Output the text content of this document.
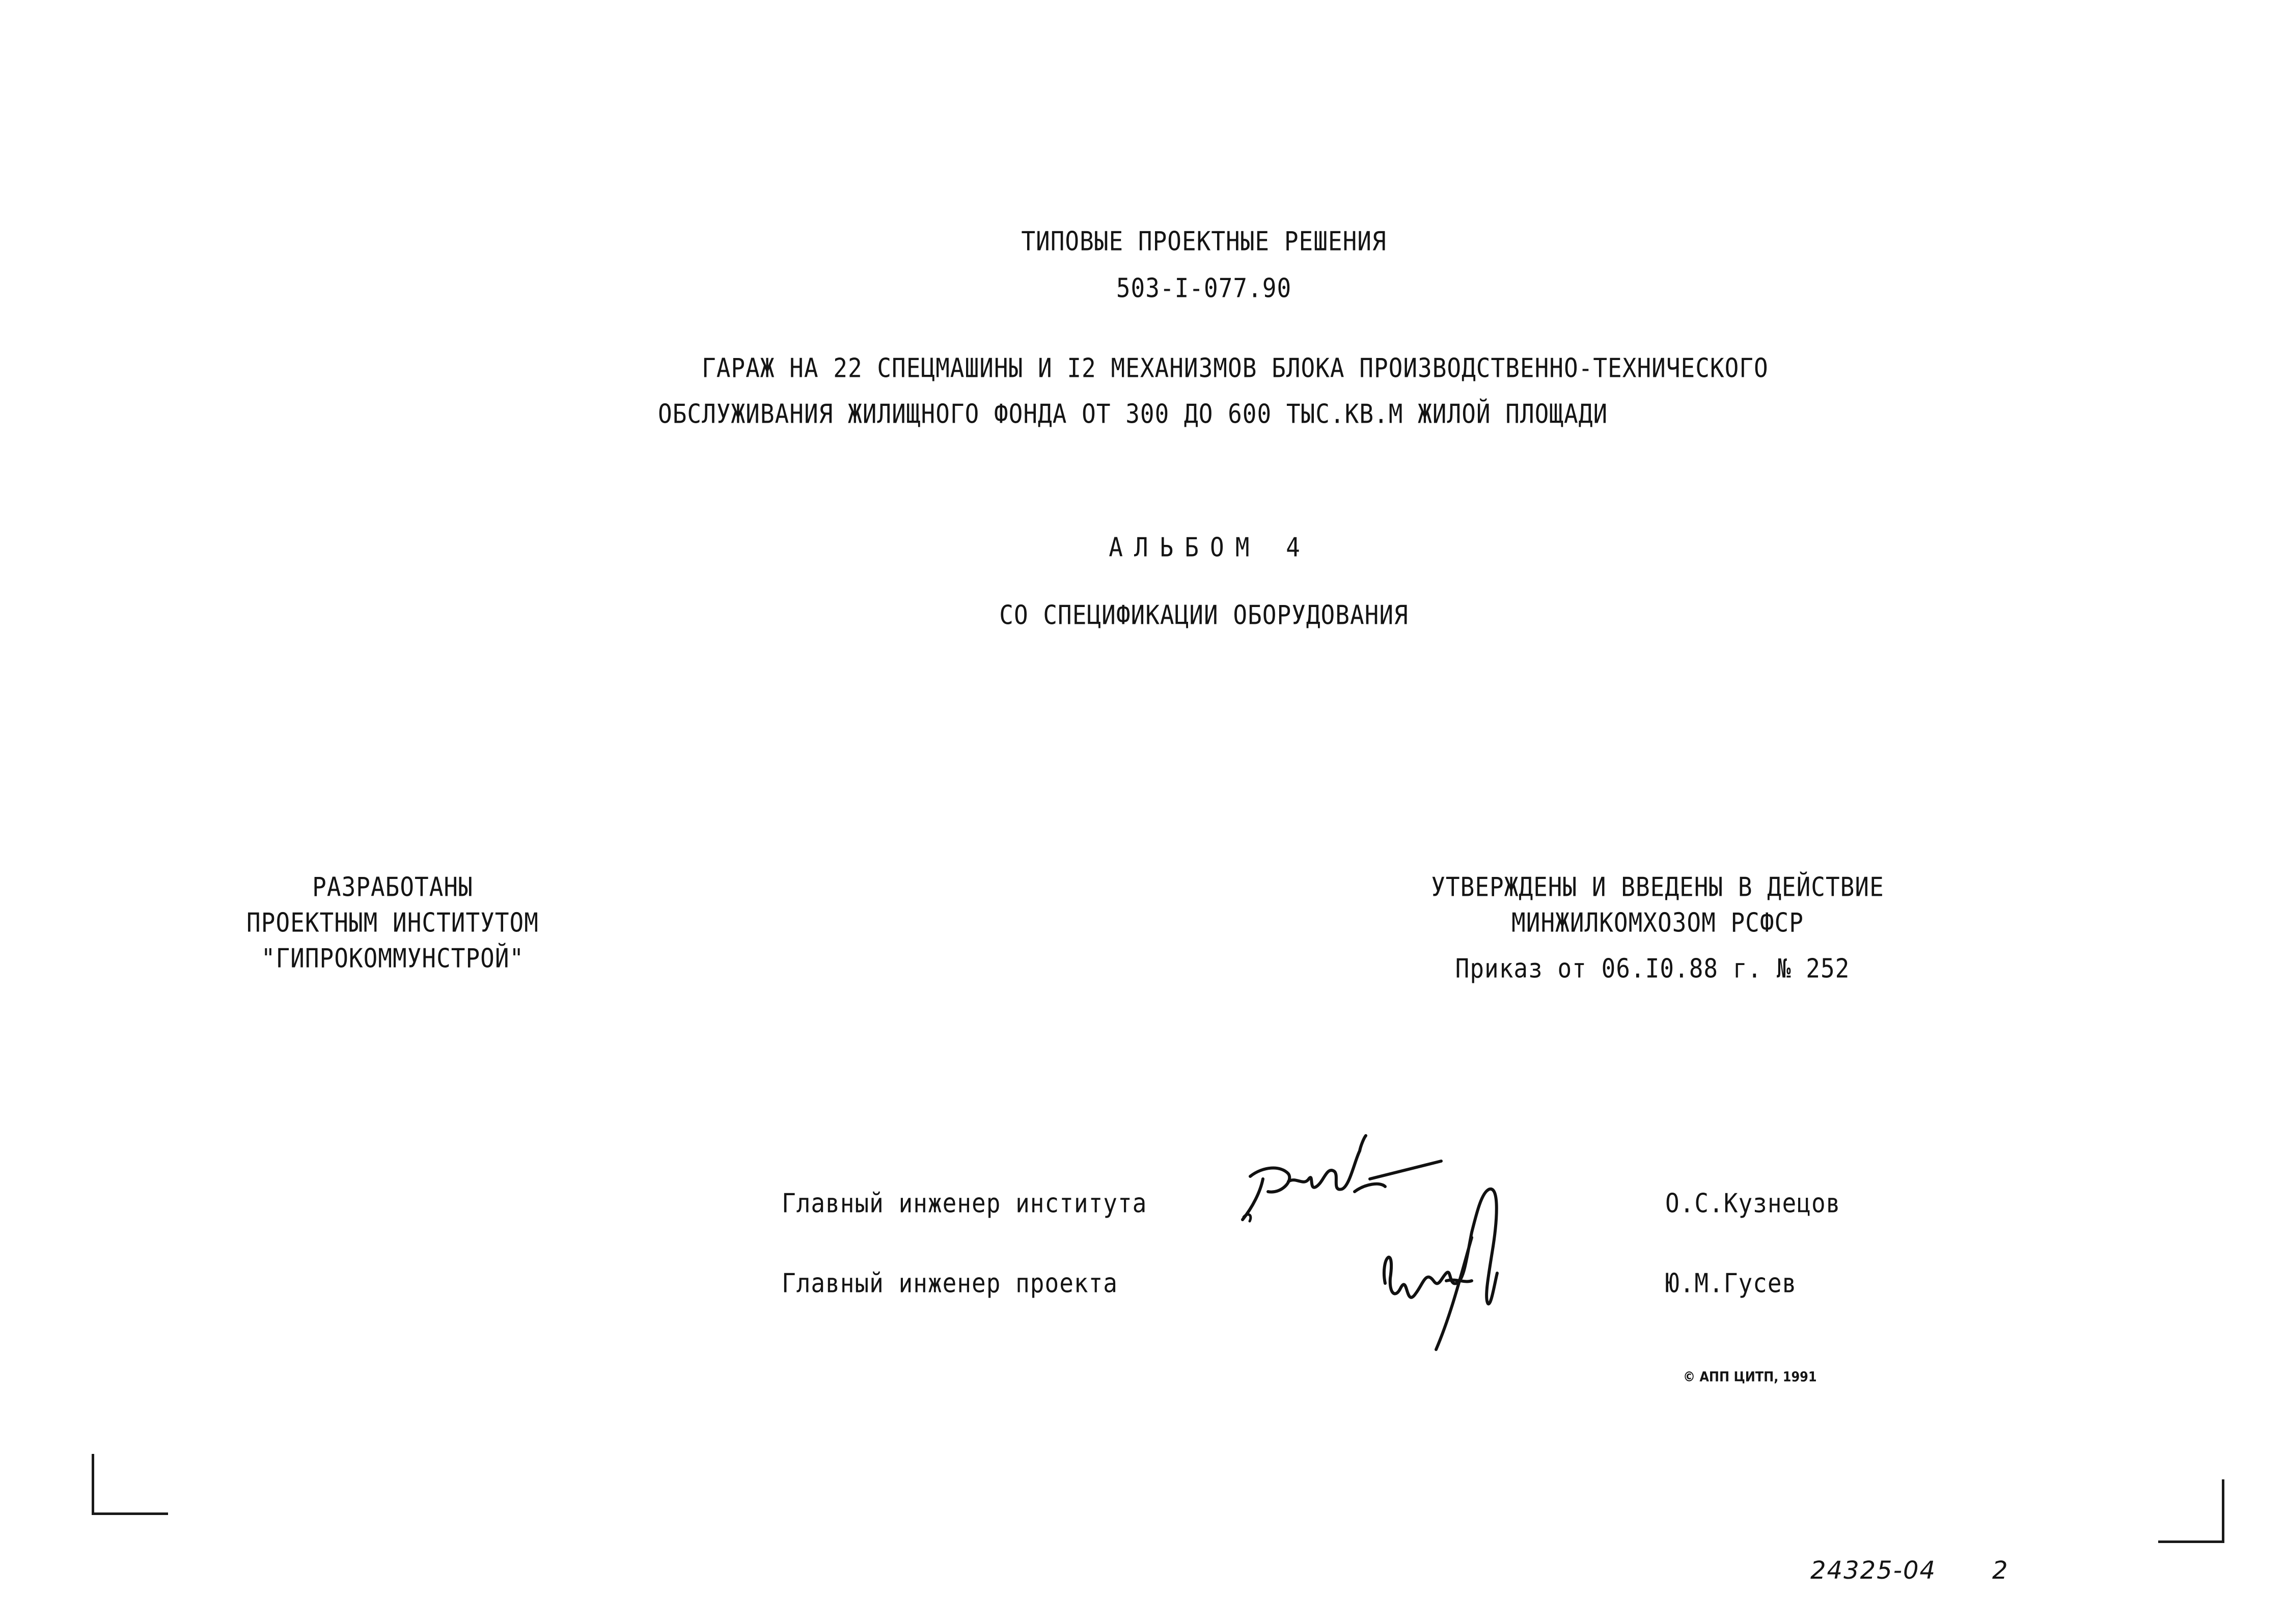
ТИПОВЫЕ ПРОЕКТНЫЕ РЕШЕНИЯ
503-I-077.90
ГАРАЖ НА 22 СПЕЦМАШИНЫ И I2 МЕХАНИЗМОВ БЛОКА ПРОИЗВОДСТВЕННО-ТЕХНИЧЕСКОГО
ОБСЛУЖИВАНИЯ ЖИЛИЩНОГО ФОНДА ОТ 300 ДО 600 ТЫС.КВ.М ЖИЛОЙ ПЛОЩАДИ
АЛЬБОМ 4
СО СПЕЦИФИКАЦИИ ОБОРУДОВАНИЯ
РАЗРАБОТАНЫ
ПРОЕКТНЫМ ИНСТИТУТОМ
"ГИПРОКОММУНСТРОЙ"
УТВЕРЖДЕНЫ И ВВЕДЕНЫ В ДЕЙСТВИЕ
МИНЖИЛКОМХОЗОМ РСФСР
Приказ от 06.I0.88 г. № 252
Главный инженер института	О.С.Кузнецов
Главный инженер проекта	Ю.М.Гусев
© АПП ЦИТП, 1991
24325-04 2
